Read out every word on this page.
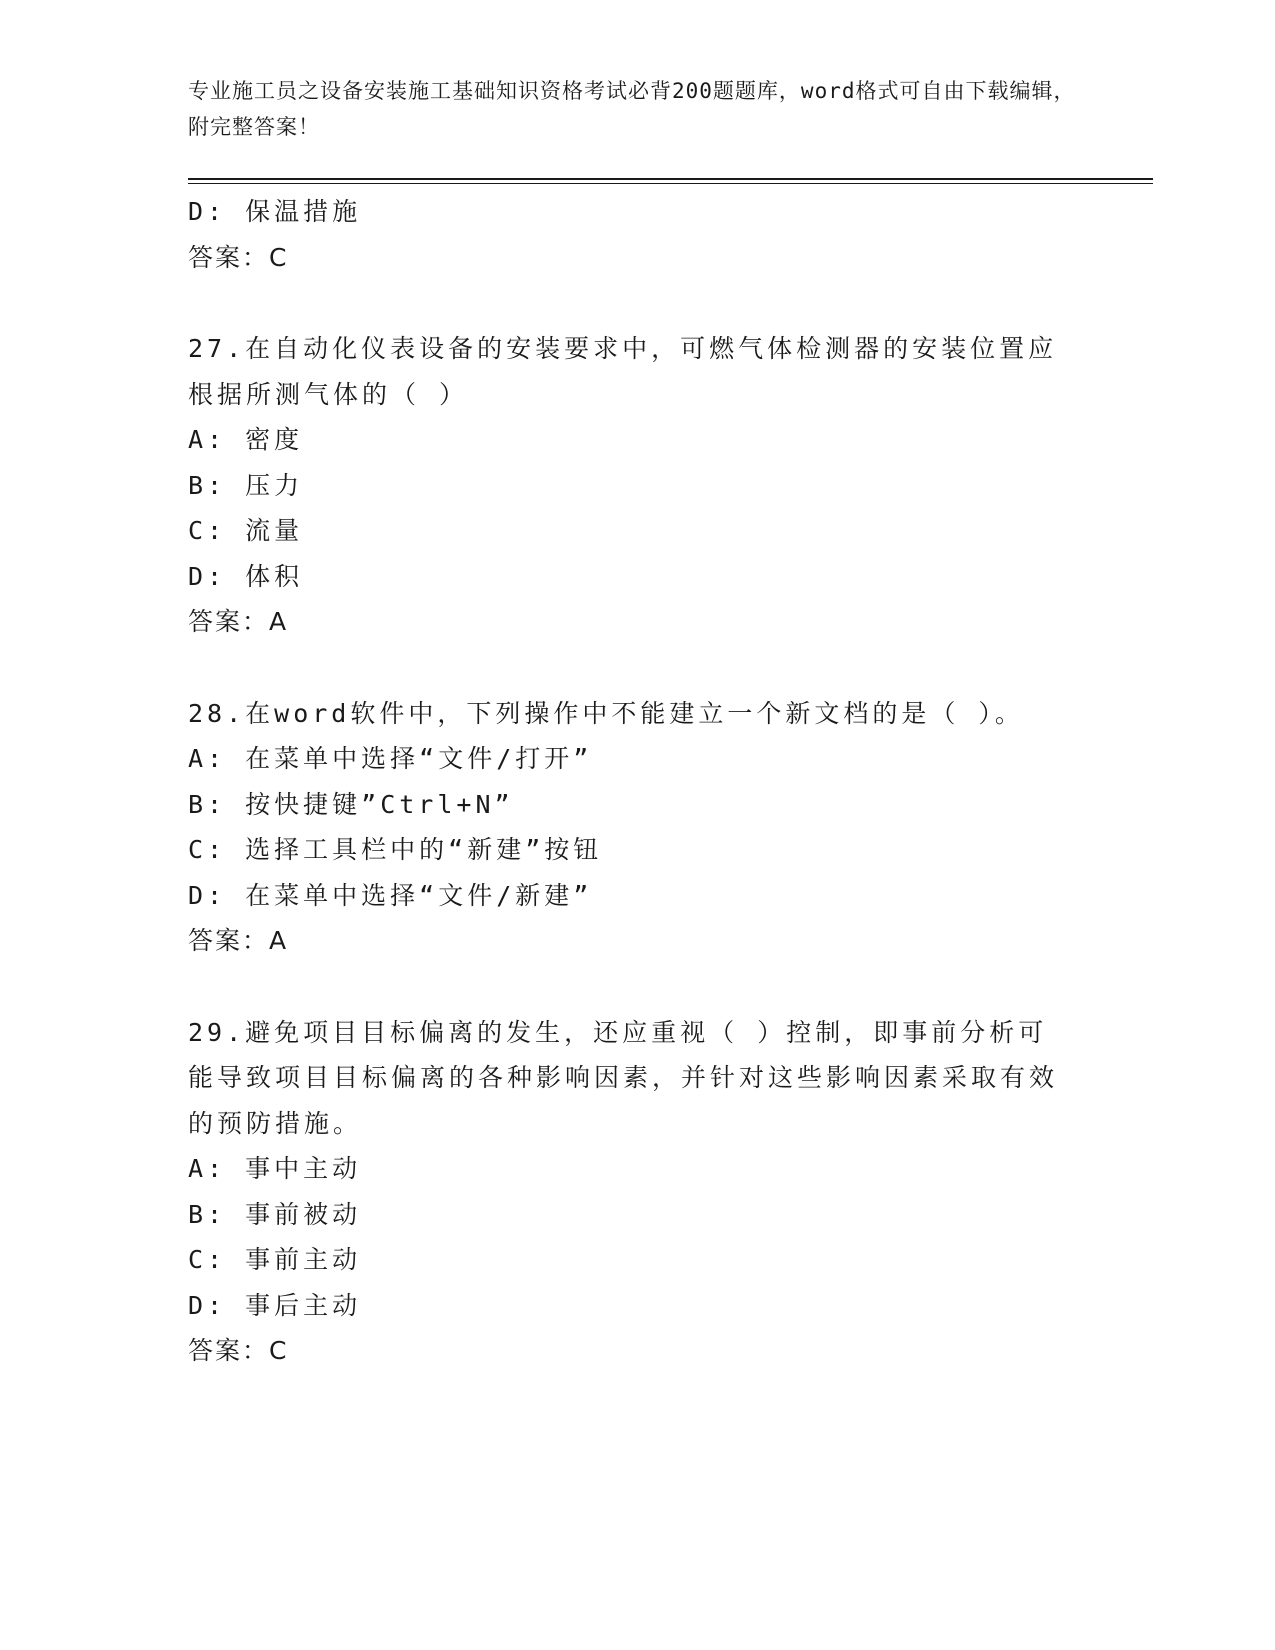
专业施工员之设备安装施工基础知识资格考试必背200题题库，word格式可自由下载编辑，附完整答案！
D: 保温措施
答案：C
27.在自动化仪表设备的安装要求中，可燃气体检测器的安装位置应根据所测气体的（ ）
A: 密度
B: 压力
C: 流量
D: 体积
答案：A
28.在word软件中，下列操作中不能建立一个新文档的是（ ）。
A: 在菜单中选择“文件/打开”
B: 按快捷键”Ctrl+N”
C: 选择工具栏中的“新建”按钮
D: 在菜单中选择“文件/新建”
答案：A
29.避免项目目标偏离的发生，还应重视（ ）控制，即事前分析可能导致项目目标偏离的各种影响因素，并针对这些影响因素采取有效的预防措施。
A: 事中主动
B: 事前被动
C: 事前主动
D: 事后主动
答案：C
